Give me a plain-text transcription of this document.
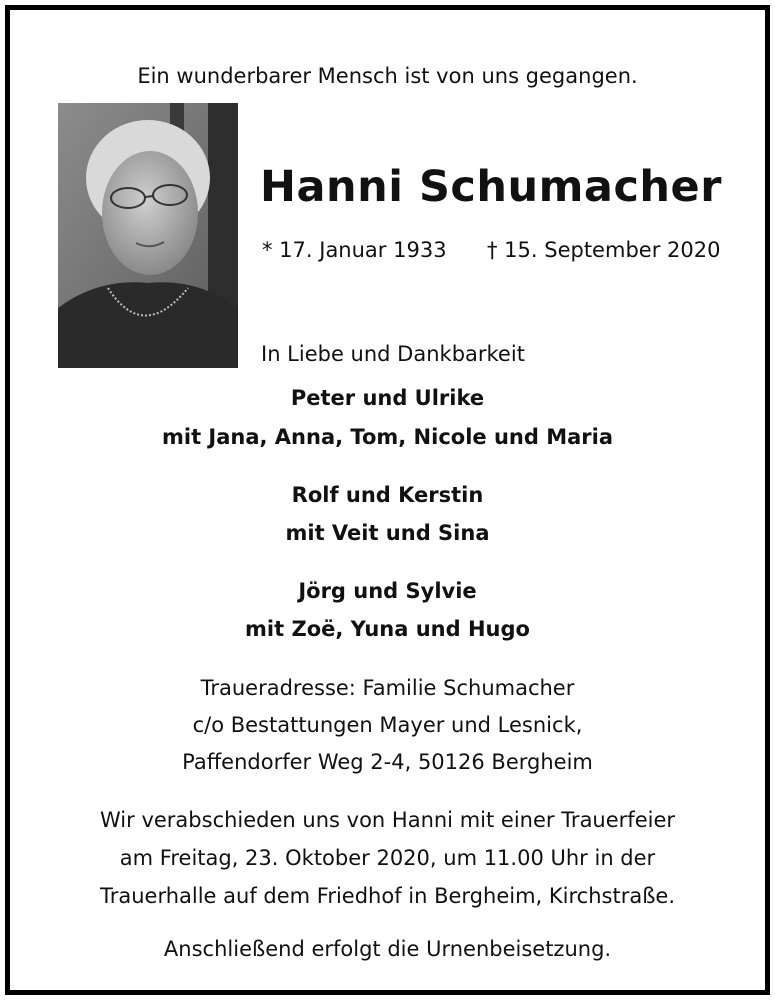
Ein wunderbarer Mensch ist von uns gegangen.
Hanni Schumacher
* 17. Januar 1933 † 15. September 2020
In Liebe und Dankbarkeit
Peter und Ulrike
mit Jana, Anna, Tom, Nicole und Maria
Rolf und Kerstin
mit Veit und Sina
Jörg und Sylvie
mit Zoë, Yuna und Hugo
Traueradresse: Familie Schumacher
c/o Bestattungen Mayer und Lesnick,
Paffendorfer Weg 2-4, 50126 Bergheim
Wir verabschieden uns von Hanni mit einer Trauerfeier
am Freitag, 23. Oktober 2020, um 11.00 Uhr in der
Trauerhalle auf dem Friedhof in Bergheim, Kirchstraße.
Anschließend erfolgt die Urnenbeisetzung.
